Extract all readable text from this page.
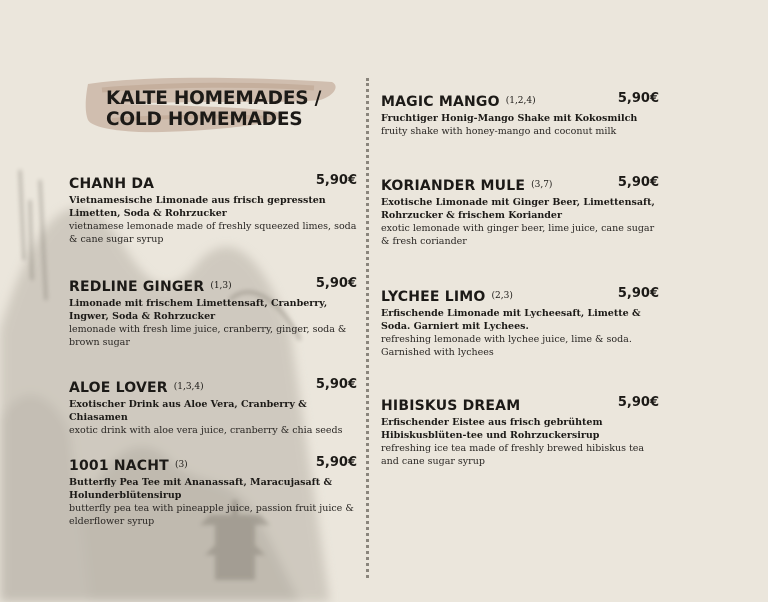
KALTE HOMEMADES /
COLD HOMEMADES
CHANH DA	5,90€
Vietnamesische Limonade aus frisch gepressten Limetten, Soda & Rohrzucker
vietnamese lemonade made of freshly squeezed limes, soda & cane sugar syrup
REDLINE GINGER (1,3)	5,90€
Limonade mit frischem Limettensaft, Cranberry, Ingwer, Soda & Rohrzucker
lemonade with fresh lime juice, cranberry, ginger, soda & brown sugar
ALOE LOVER (1,3,4)	5,90€
Exotischer Drink aus Aloe Vera, Cranberry & Chiasamen
exotic drink with aloe vera juice, cranberry & chia seeds
1001 NACHT (3)	5,90€
Butterfly Pea Tee mit Ananassaft, Maracujasaft & Holunderblütensirup
butterfly pea tea with pineapple juice, passion fruit juice & elderflower syrup
MAGIC MANGO (1,2,4)	5,90€
Fruchtiger Honig-Mango Shake mit Kokosmilch
fruity shake with honey-mango and coconut milk
KORIANDER MULE (3,7)	5,90€
Exotische Limonade mit Ginger Beer, Limettensaft, Rohrzucker & frischem Koriander
exotic lemonade with ginger beer, lime juice, cane sugar & fresh coriander
LYCHEE LIMO (2,3)	5,90€
Erfischende Limonade mit Lycheesaft, Limette & Soda. Garniert mit Lychees.
refreshing lemonade with lychee juice, lime & soda. Garnished with lychees
HIBISKUS DREAM	5,90€
Erfischender Eistee aus frisch gebrühtem Hibiskusblüten-tee und Rohrzuckersirup
refreshing ice tea made of freshly brewed hibiskus tea and cane sugar syrup
